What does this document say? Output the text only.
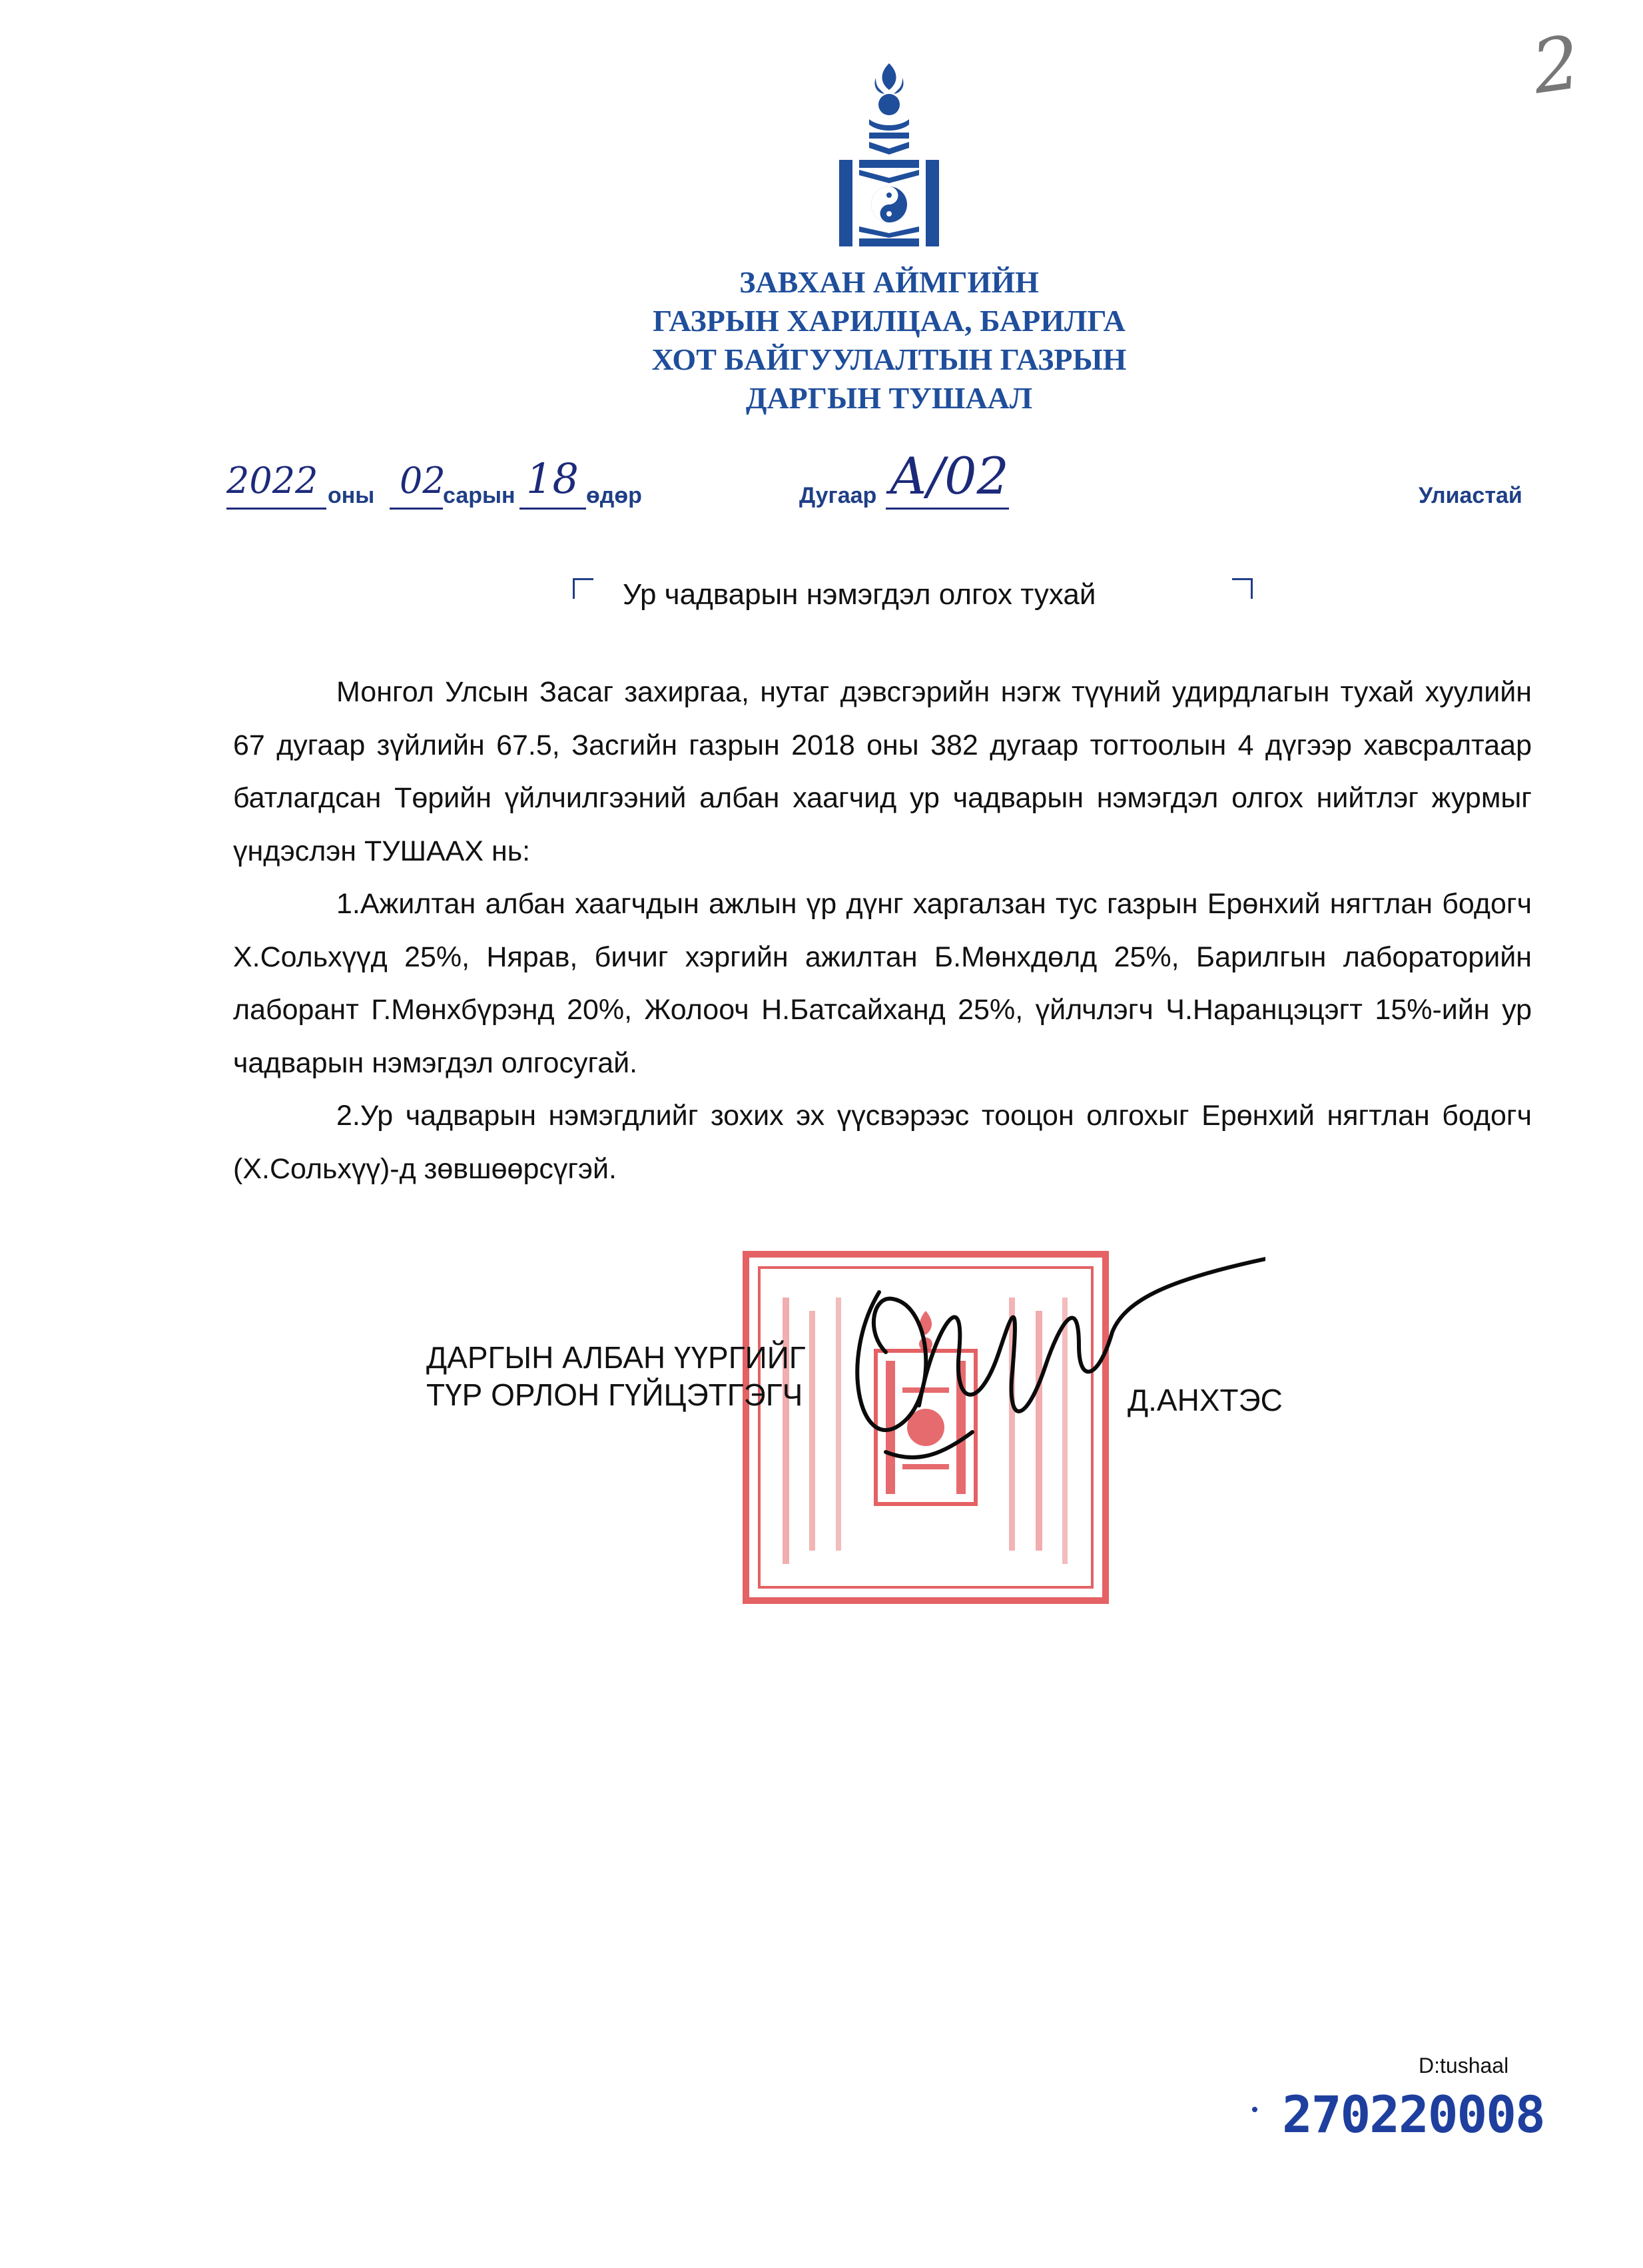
2
ЗАВХАН АЙМГИЙН
ГАЗРЫН ХАРИЛЦАА, БАРИЛГА
ХОТ БАЙГУУЛАЛТЫН ГАЗРЫН
ДАРГЫН ТУШААЛ
2022 оны 02
сарын 18 өдөр	Дугаар А/02	Улиастай
Ур чадварын нэмэгдэл олгох тухай

Монгол Улсын Засаг захиргаа, нутаг дэвсгэрийн нэгж түүний удирдлагын тухай хуулийн 67 дугаар зүйлийн 67.5, Засгийн газрын 2018 оны 382 дугаар тогтоолын 4 дүгээр хавсралтаар батлагдсан Төрийн үйлчилгээний албан хаагчид ур чадварын нэмэгдэл олгох нийтлэг журмыг үндэслэн ТУШААХ нь:

1.Ажилтан албан хаагчдын ажлын үр дүнг харгалзан тус газрын Ерөнхий нягтлан бодогч Х.Сольхүүд 25%, Нярав, бичиг хэргийн ажилтан Б.Мөнхдөлд 25%, Барилгын лабораторийн лаборант Г.Мөнхбүрэнд 20%, Жолооч Н.Батсайханд 25%, үйлчлэгч Ч.Наранцэцэгт 15%-ийн ур чадварын нэмэгдэл олгосугай.

2.Ур чадварын нэмэгдлийг зохих эх үүсвэрээс тооцон олгохыг Ерөнхий нягтлан бодогч (Х.Сольхүү)-д зөвшөөрсүгэй.

ДАРГЫН АЛБАН ҮҮРГИЙГ
ТҮР ОРЛОН ГҮЙЦЭТГЭГЧ	Д.АНХТЭС
D:tushaal
270220008
